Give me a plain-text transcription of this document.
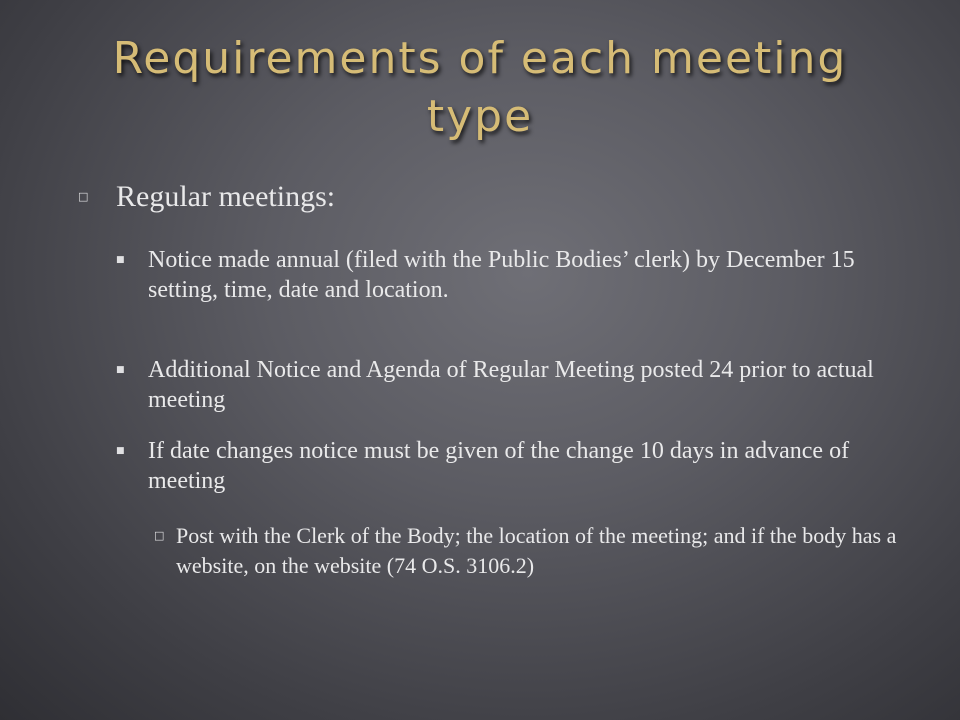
Requirements of each meeting type
□ Regular meetings:
■ Notice made annual (filed with the Public Bodies’ clerk) by December 15 setting, time, date and location.
■ Additional Notice and Agenda of Regular Meeting posted 24 prior to actual meeting
■ If date changes notice must be given of the change 10 days in advance of meeting
□ Post with the Clerk of the Body; the location of the meeting; and if the body has a website, on the website (74 O.S. 3106.2)
